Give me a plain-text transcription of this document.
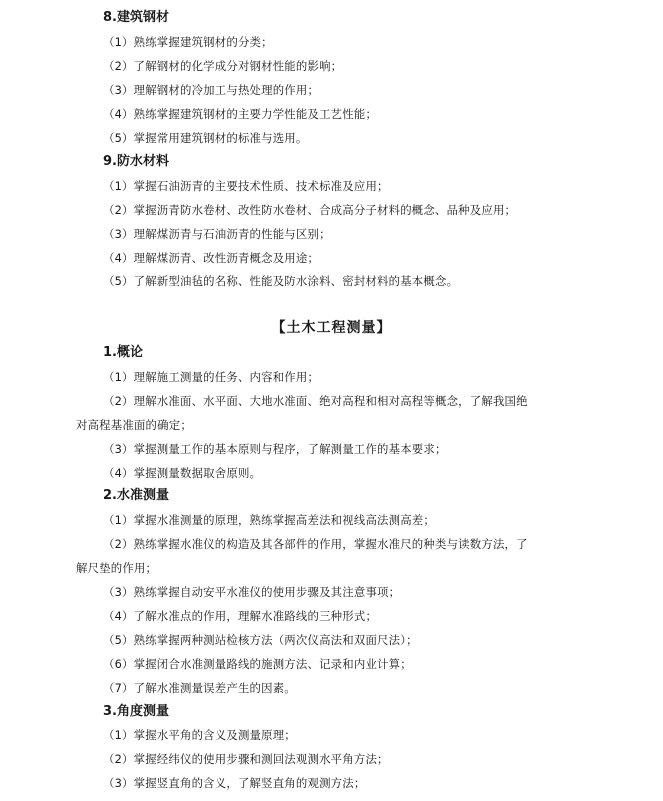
8.建筑钢材
（1）熟练掌握建筑钢材的分类；
（2）了解钢材的化学成分对钢材性能的影响；
（3）理解钢材的冷加工与热处理的作用；
（4）熟练掌握建筑钢材的主要力学性能及工艺性能；
（5）掌握常用建筑钢材的标准与选用。
9.防水材料
（1）掌握石油沥青的主要技术性质、技术标准及应用；
（2）掌握沥青防水卷材、改性防水卷材、合成高分子材料的概念、品种及应用；
（3）理解煤沥青与石油沥青的性能与区别；
（4）理解煤沥青、改性沥青概念及用途；
（5）了解新型油毡的名称、性能及防水涂料、密封材料的基本概念。
【土木工程测量】
1.概论
（1）理解施工测量的任务、内容和作用；
（2）理解水准面、水平面、大地水准面、绝对高程和相对高程等概念，了解我国绝
对高程基准面的确定；
（3）掌握测量工作的基本原则与程序，了解测量工作的基本要求；
（4）掌握测量数据取舍原则。
2.水准测量
（1）掌握水准测量的原理，熟练掌握高差法和视线高法测高差；
（2）熟练掌握水准仪的构造及其各部件的作用，掌握水准尺的种类与读数方法，了
解尺垫的作用；
（3）熟练掌握自动安平水准仪的使用步骤及其注意事项；
（4）了解水准点的作用，理解水准路线的三种形式；
（5）熟练掌握两种测站检核方法（两次仪高法和双面尺法）；
（6）掌握闭合水准测量路线的施测方法、记录和内业计算；
（7）了解水准测量误差产生的因素。
3.角度测量
（1）掌握水平角的含义及测量原理；
（2）掌握经纬仪的使用步骤和测回法观测水平角方法；
（3）掌握竖直角的含义，了解竖直角的观测方法；
